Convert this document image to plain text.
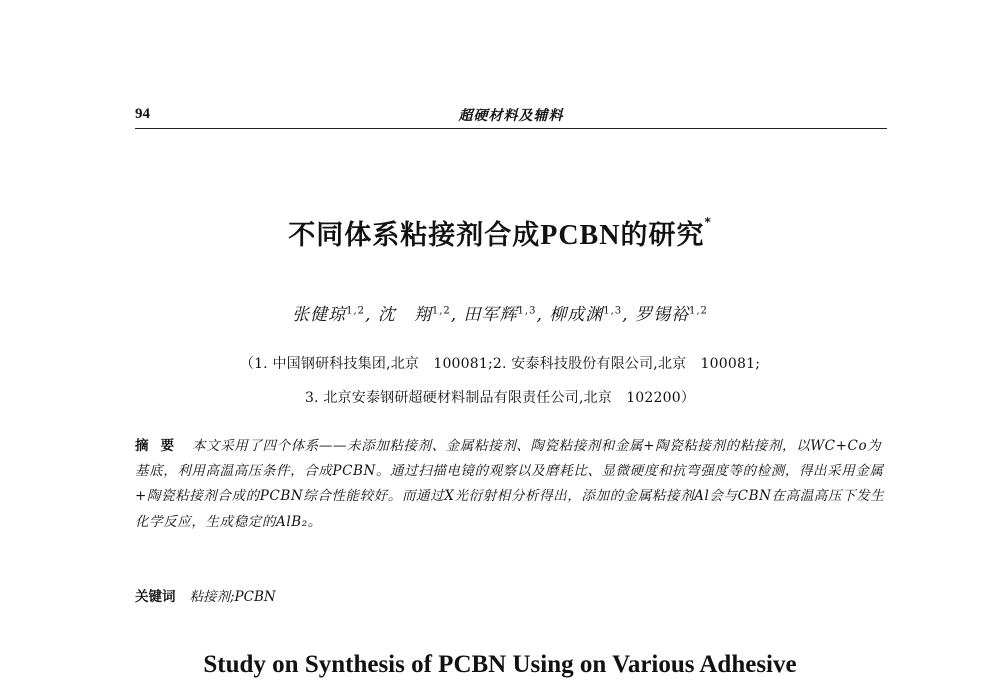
94	超硬材料及辅料
不同体系粘接剂合成PCBN的研究*
张健琼$^{1,2}$, 沈　翔$^{1,2}$, 田军辉$^{1,3}$, 柳成渊$^{1,3}$, 罗锡裕$^{1,2}$
（1. 中国钢研科技集团,北京　100081;2. 安泰科技股份有限公司,北京　100081;
3. 北京安泰钢研超硬材料制品有限责任公司,北京　102200）
摘要 本文采用了四个体系——未添加粘接剂、金属粘接剂、陶瓷粘接剂和金属+陶瓷粘接剂的粘接剂，以WC+Co为基底，利用高温高压条件，合成PCBN。通过扫描电镜的观察以及磨耗比、显微硬度和抗弯强度等的检测，得出采用金属+陶瓷粘接剂合成的PCBN综合性能较好。而通过X光衍射相分析得出，添加的金属粘接剂Al会与CBN在高温高压下发生化学反应，生成稳定的AlB₂。
关键词 粘接剂;PCBN
Study on Synthesis of PCBN Using on Various Adhesive
